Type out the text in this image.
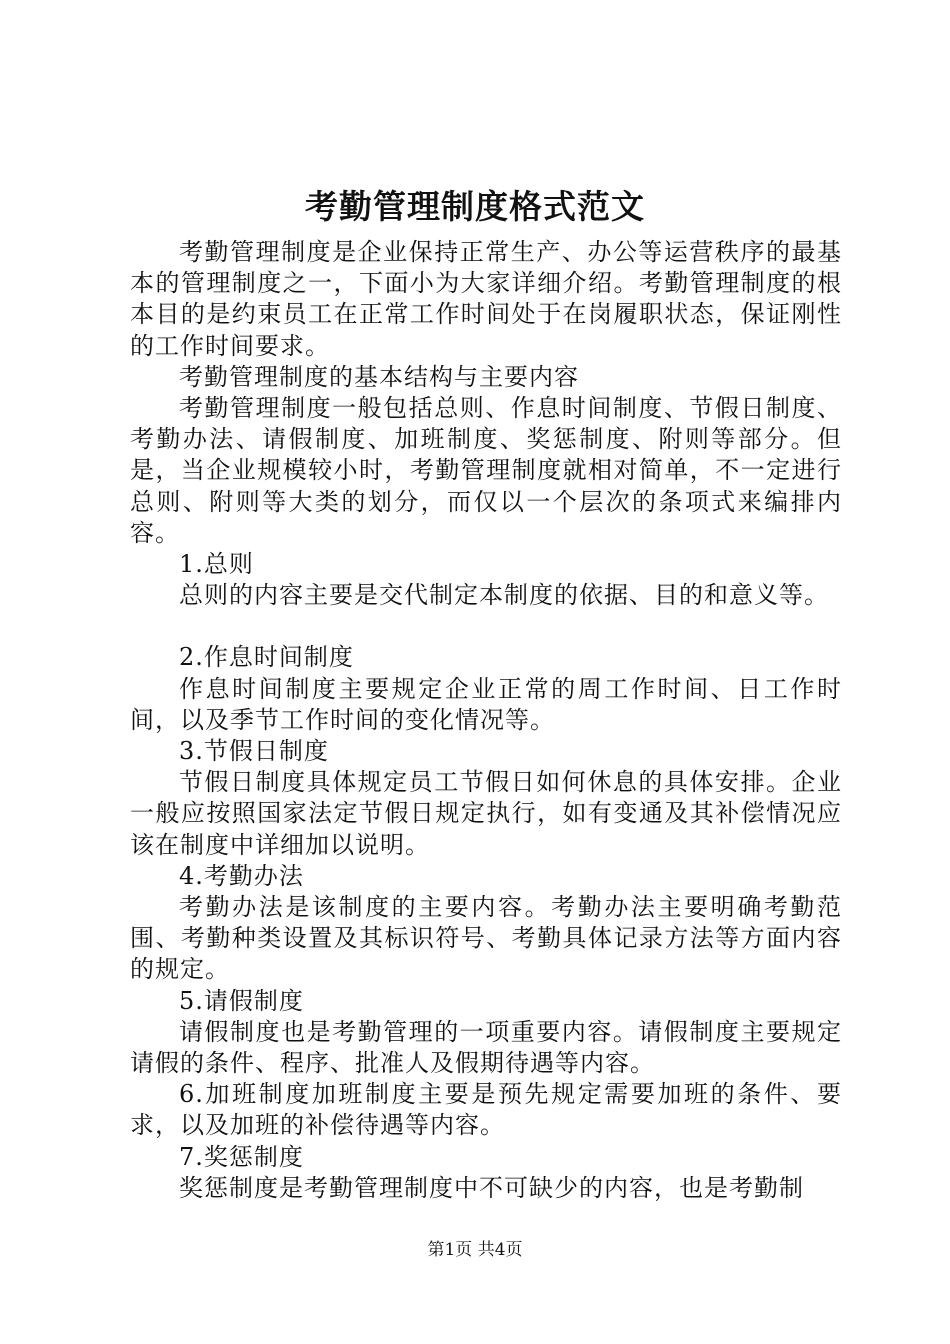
考勤管理制度格式范文

考勤管理制度是企业保持正常生产、办公等运营秩序的最基本的管理制度之一，下面小为大家详细介绍。考勤管理制度的根本目的是约束员工在正常工作时间处于在岗履职状态，保证刚性的工作时间要求。

考勤管理制度的基本结构与主要内容

考勤管理制度一般包括总则、作息时间制度、节假日制度、考勤办法、请假制度、加班制度、奖惩制度、附则等部分。但是，当企业规模较小时，考勤管理制度就相对简单，不一定进行总则、附则等大类的划分，而仅以一个层次的条项式来编排内容。

1.总则

总则的内容主要是交代制定本制度的依据、目的和意义等。

2.作息时间制度

作息时间制度主要规定企业正常的周工作时间、日工作时间，以及季节工作时间的变化情况等。

3.节假日制度

节假日制度具体规定员工节假日如何休息的具体安排。企业一般应按照国家法定节假日规定执行，如有变通及其补偿情况应该在制度中详细加以说明。

4.考勤办法

考勤办法是该制度的主要内容。考勤办法主要明确考勤范围、考勤种类设置及其标识符号、考勤具体记录方法等方面内容的规定。

5.请假制度

请假制度也是考勤管理的一项重要内容。请假制度主要规定请假的条件、程序、批准人及假期待遇等内容。

6.加班制度加班制度主要是预先规定需要加班的条件、要求，以及加班的补偿待遇等内容。

7.奖惩制度

奖惩制度是考勤管理制度中不可缺少的内容，也是考勤制

第1页 共4页
